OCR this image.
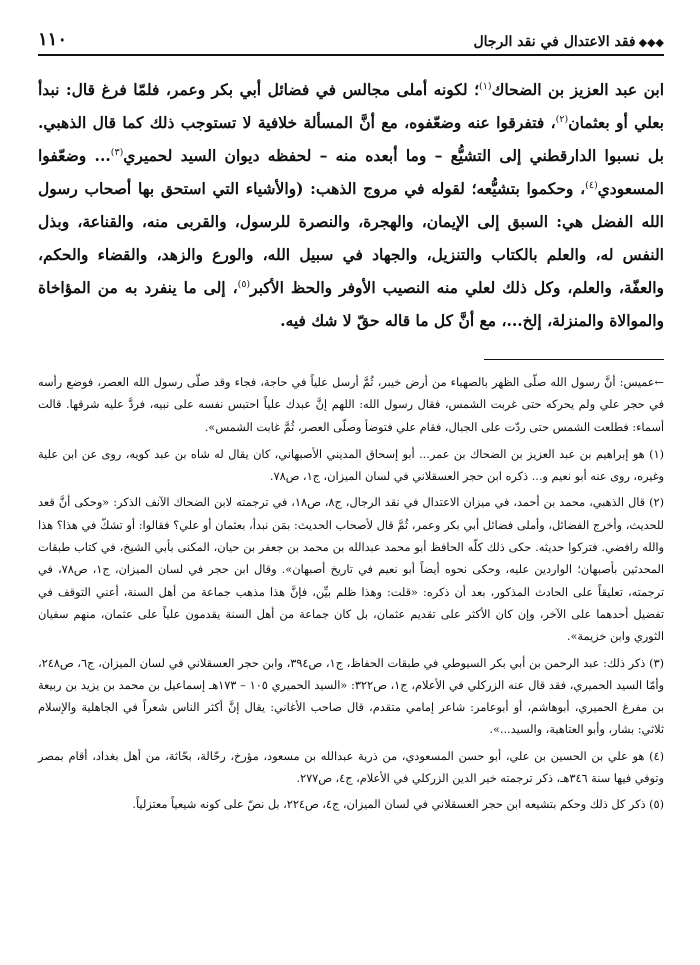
◆◆◆فقد الاعتدال في نقد الرجال
١١٠

ابن عبد العزيز بن الضحاك$^{(١)}$؛ لكونه أملى مجالس في فضائل أبي بكر وعمر، فلمّا فرغ قال: نبدأ بعلي أو بعثمان$^{(٢)}$، فتفرقوا عنه وضعّفوه، مع أنَّ المسألة خلافية لا تستوجب ذلك كما قال الذهبي. بل نسبوا الدارقطني إلى التشيُّع – وما أبعده منه – لحفظه ديوان السيد لحميري$^{(٣)}$... وضعّفوا المسعودي$^{(٤)}$، وحكموا بتشيُّعه؛ لقوله في مروج الذهب: (والأشياء التي استحق بها أصحاب رسول الله الفضل هي: السبق إلى الإيمان، والهجرة، والنصرة للرسول، والقربى منه، والقناعة، وبذل النفس له، والعلم بالكتاب والتنزيل، والجهاد في سبيل الله، والورع والزهد، والقضاء والحكم، والعفّة، والعلم، وكل ذلك لعلي منه النصيب الأوفر والحظ الأكبر$^{(٥)}$، إلى ما ينفرد به من المؤاخاة والموالاة والمنزلة، إلخ...، مع أنَّ كل ما قاله حقّ لا شك فيه.

←عميس: أنَّ رسول الله صلّى الظهر بالصهباء من أرض خيبر، ثُمَّ أرسل علياً في حاجة، فجاء وقد صلّى رسول الله العصر، فوضع رأسه في حجر علي ولم يحركه حتى غربت الشمس، فقال رسول الله: اللهم إنَّ عبدك علياً احتبس نفسه على نبيه، فردَّ عليه شرقها. قالت أسماء: فطلعت الشمس حتى ردّت على الجبال، فقام علي فتوضأ وصلّى العصر، ثُمَّ غابت الشمس».

(١) هو إبراهيم بن عبد العزيز بن الضحاك بن عمر... أبو إسحاق المديني الأصبهاني، كان يقال له شاه بن عبد كويه، روى عن ابن علية وغيره، روى عنه أبو نعيم و... ذكره ابن حجر العسقلاني في لسان الميزان، ج١، ص٧٨.

(٢) قال الذهبي، محمد بن أحمد، في ميزان الاعتدال في نقد الرجال، ج٨، ص١٨، في ترجمته لابن الضحاك الآنف الذكر: «وحكى أنَّ قعد للحديث، وأخرج الفضائل، وأملى فضائل أبي بكر وعمر، ثُمَّ قال لأصحاب الحديث: بمَن نبدأ، بعثمان أو علي؟ فقالوا: أو تشكّ في هذا؟ هذا والله رافضي. فتركوا حديثه. حكى ذلك كلّه الحافظ أبو محمد عبدالله بن محمد بن جعفر بن حيان، المكنى بأبي الشيخ، في كتاب طبقات المحدثين بأصبهان؛ الواردين عليه، وحكى نحوه أيضاً أبو نعيم في تاريخ أصبهان». وقال ابن حجر في لسان الميزان، ج١، ص٧٨، في ترجمته، تعليقاً على الحادث المذكور، بعد أن ذكره: «قلت: وهذا ظلم بيِّن، فإنَّ هذا مذهب جماعة من أهل السنة، أعني التوقف في تفضيل أحدهما على الآخر، وإن كان الأكثر على تقديم عثمان، بل كان جماعة من أهل السنة يقدمون علياً على عثمان، منهم سفيان الثوري وابن خزيمة».

(٣) ذكر ذلك: عبد الرحمن بن أبي بكر السيوطي في طبقات الحفاظ، ج١، ص٣٩٤، وابن حجر العسقلاني في لسان الميزان، ج٦، ص٢٤٨، وأمّا السيد الحميري، فقد قال عنه الزركلي في الأعلام، ج١، ص٣٢٢: «السيد الحميري ١٠٥ – ١٧٣هـ إسماعيل بن محمد بن يزيد بن ربيعة بن مفرغ الحميري، أبوهاشم، أو أبوعامر: شاعر إمامي متقدم، قال صاحب الأغاني: يقال إنَّ أكثر الناس شعراً في الجاهلية والإسلام ثلاثي: بشار، وأبو العتاهية، والسيد...».

(٤) هو علي بن الحسين بن علي، أبو حسن المسعودي، من ذرية عبدالله بن مسعود، مؤرخ، رحّالة، بحّاثة، من أهل بغداد، أقام بمصر وتوفي فيها سنة ٣٤٦هـ، ذكر ترجمته خير الدين الزركلي في الأعلام، ج٤، ص٢٧٧.

(٥) ذكر كل ذلك وحكم بتشيعه ابن حجر العسقلاني في لسان الميزان، ج٤، ص٢٢٤، بل نصّ على كونه شيعياً معتزلياً.
